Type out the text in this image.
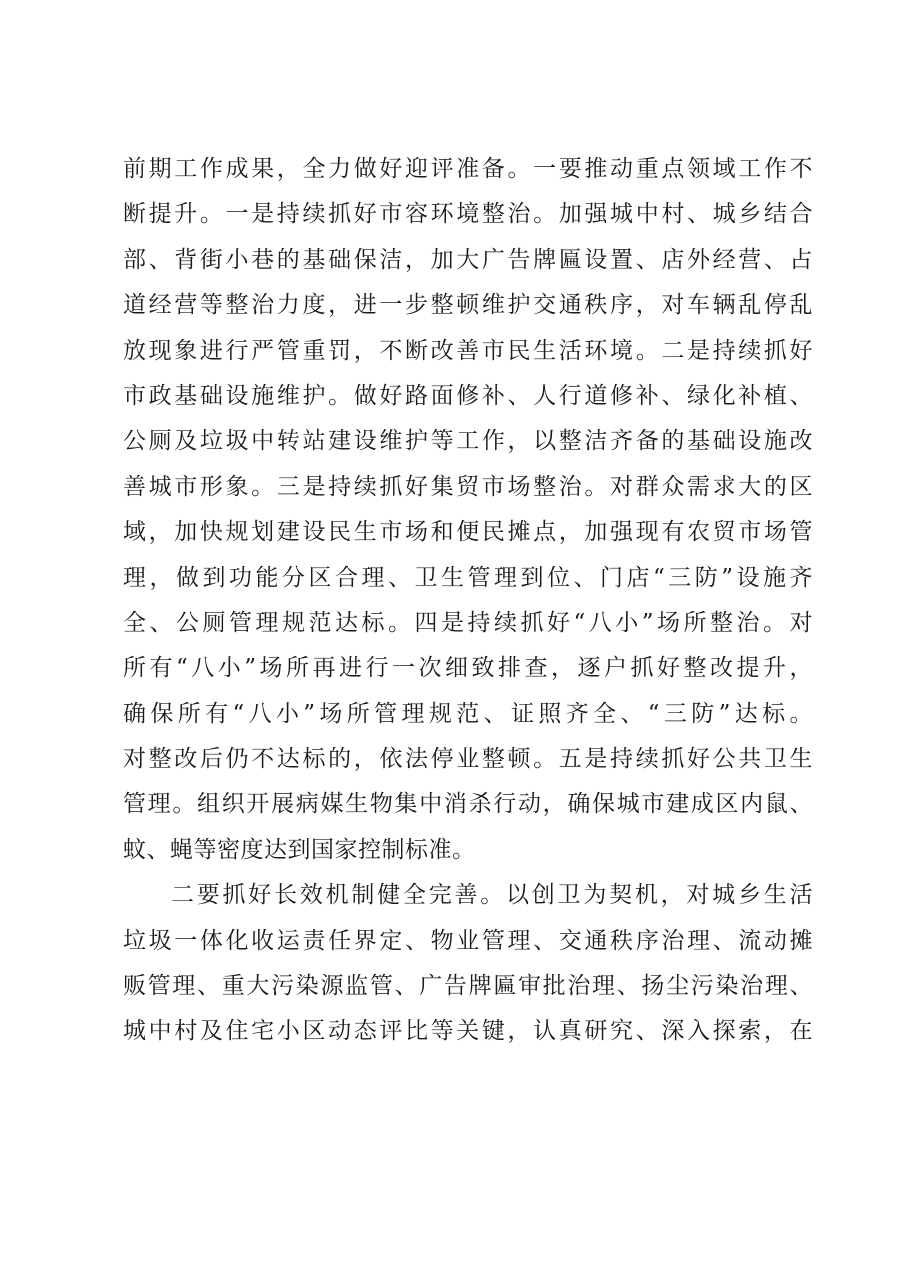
前期工作成果，全力做好迎评准备。一要推动重点领域工作不
断提升。一是持续抓好市容环境整治。加强城中村、城乡结合
部、背街小巷的基础保洁，加大广告牌匾设置、店外经营、占
道经营等整治力度，进一步整顿维护交通秩序，对车辆乱停乱
放现象进行严管重罚，不断改善市民生活环境。二是持续抓好
市政基础设施维护。做好路面修补、人行道修补、绿化补植、
公厕及垃圾中转站建设维护等工作，以整洁齐备的基础设施改
善城市形象。三是持续抓好集贸市场整治。对群众需求大的区
域，加快规划建设民生市场和便民摊点，加强现有农贸市场管
理，做到功能分区合理、卫生管理到位、门店“三防”设施齐
全、公厕管理规范达标。四是持续抓好“八小”场所整治。对
所有“八小”场所再进行一次细致排查，逐户抓好整改提升，
确保所有“八小”场所管理规范、证照齐全、“三防”达标。
对整改后仍不达标的，依法停业整顿。五是持续抓好公共卫生
管理。组织开展病媒生物集中消杀行动，确保城市建成区内鼠、
蚊、蝇等密度达到国家控制标准。
二要抓好长效机制健全完善。以创卫为契机，对城乡生活
垃圾一体化收运责任界定、物业管理、交通秩序治理、流动摊
贩管理、重大污染源监管、广告牌匾审批治理、扬尘污染治理、
城中村及住宅小区动态评比等关键，认真研究、深入探索，在
